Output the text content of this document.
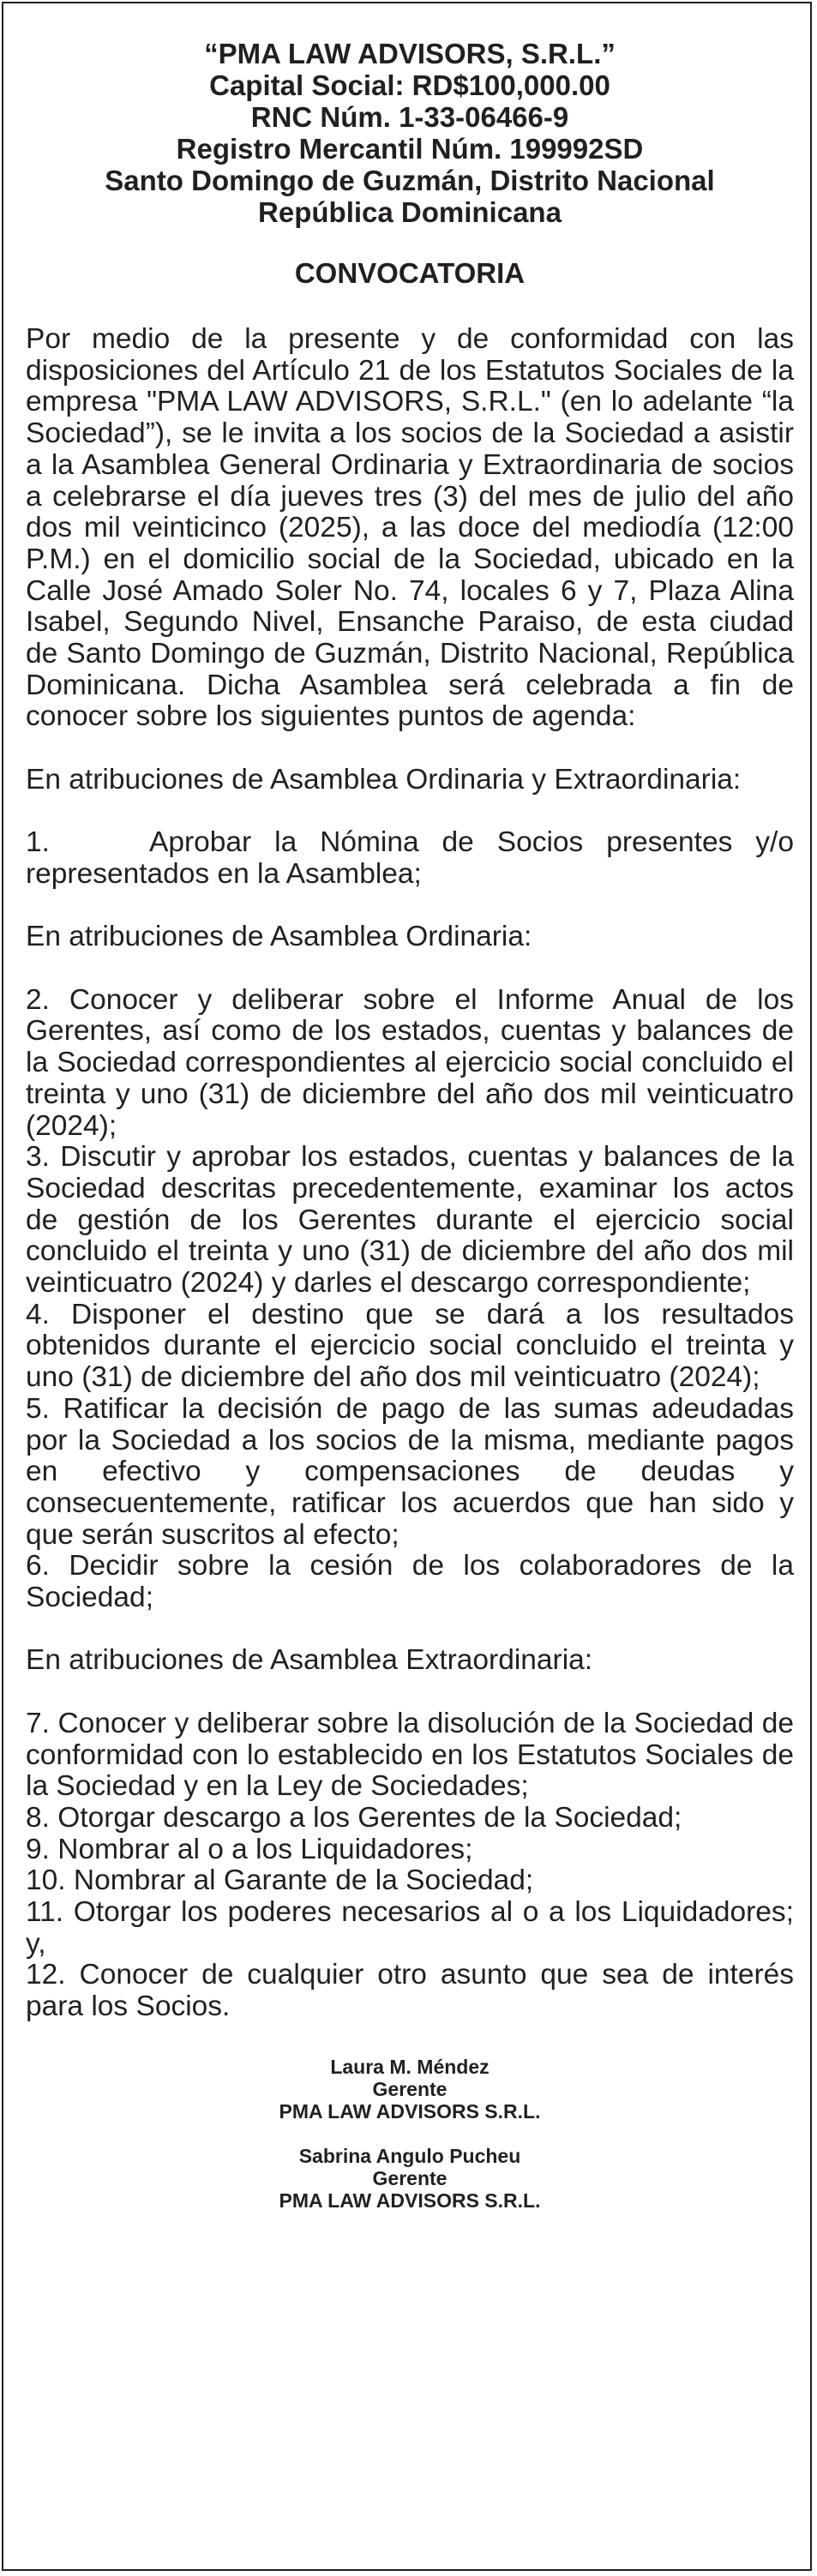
“PMA LAW ADVISORS, S.R.L.”
Capital Social: RD$100,000.00
RNC Núm. 1-33-06466-9
Registro Mercantil Núm. 199992SD
Santo Domingo de Guzmán, Distrito Nacional
República Dominicana
CONVOCATORIA

Por medio de la presente y de conformidad con las disposiciones del Artículo 21 de los Estatutos Sociales de la empresa "PMA LAW ADVISORS, S.R.L." (en lo adelante “la Sociedad”), se le invita a los socios de la Sociedad a asistir a la Asamblea General Ordinaria y Extraordinaria de socios a celebrarse el día jueves tres (3) del mes de julio del año dos mil veinticinco (2025), a las doce del mediodía (12:00 P.M.) en el domicilio social de la Sociedad, ubicado en la Calle José Amado Soler No. 74, locales 6 y 7, Plaza Alina Isabel, Segundo Nivel, Ensanche Paraiso, de esta ciudad de Santo Domingo de Guzmán, Distrito Nacional, República Dominicana. Dicha Asamblea será celebrada a fin de conocer sobre los siguientes puntos de agenda:

En atribuciones de Asamblea Ordinaria y Extraordinaria:

1.	Aprobar la Nómina de Socios presentes y/o representados en la Asamblea;

En atribuciones de Asamblea Ordinaria:

2. Conocer y deliberar sobre el Informe Anual de los Gerentes, así como de los estados, cuentas y balances de la Sociedad correspondientes al ejercicio social concluido el treinta y uno (31) de diciembre del año dos mil veinticuatro (2024);

3. Discutir y aprobar los estados, cuentas y balances de la Sociedad descritas precedentemente, examinar los actos de gestión de los Gerentes durante el ejercicio social concluido el treinta y uno (31) de diciembre del año dos mil veinticuatro (2024) y darles el descargo correspondiente;

4. Disponer el destino que se dará a los resultados obtenidos durante el ejercicio social concluido el treinta y uno (31) de diciembre del año dos mil veinticuatro (2024);

5. Ratificar la decisión de pago de las sumas adeudadas por la Sociedad a los socios de la misma, mediante pagos en efectivo y compensaciones de deudas y consecuentemente, ratificar los acuerdos que han sido y que serán suscritos al efecto;

6. Decidir sobre la cesión de los colaboradores de la Sociedad;

En atribuciones de Asamblea Extraordinaria:

7. Conocer y deliberar sobre la disolución de la Sociedad de conformidad con lo establecido en los Estatutos Sociales de la Sociedad y en la Ley de Sociedades;

8. Otorgar descargo a los Gerentes de la Sociedad;

9. Nombrar al o a los Liquidadores;

10. Nombrar al Garante de la Sociedad;

11. Otorgar los poderes necesarios al o a los Liquidadores; y,

12. Conocer de cualquier otro asunto que sea de interés para los Socios.

Laura M. Méndez
Gerente
PMA LAW ADVISORS S.R.L.
Sabrina Angulo Pucheu
Gerente
PMA LAW ADVISORS S.R.L.
